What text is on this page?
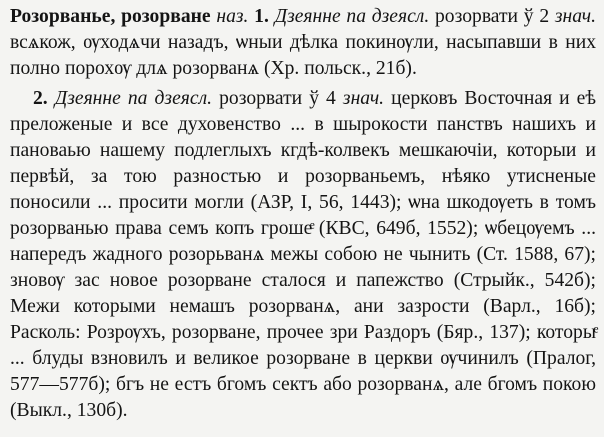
Розорванье, розорване наз. 1. Дзеянне па дзеясл. розорвати ў 2 знач. всѧкож, ѹходѧчи назадъ, ѡныи дѣлка покинѹли, насыпавши в них полно порохѹ длѧ розорванѧ (Хр. польск., 21б).

2. Дзеянне па дзеясл. розорвати ў 4 знач. церковъ Восточная и еѣ преложеные и все духовенство ... в шырокости панствъ нашихъ и пановаью нашему подлеглыхъ кгдѣ-колвекъ мешкаючіи, которыи и первѣй, за тою разностью и розорваньемъ, нѣяко утисненые поносили ... просити могли (АЗР, I, 56, 1443); ѡна шкодѹеть в томъ розорванью права семъ копъ грошеͤ (КВС, 649б, 1552); ѡбецѹемъ ... напередъ жадного розорьванѧ межы собою не чынить (Ст. 1588, 67); зновѹ зас новое розорване сталося и папежство (Стрыйк., 542б); Межи которыми немашъ розорванѧ, ани зазрости (Варл., 16б); Расколь: Розрѹхъ, розорване, прочее зри Раздоръ (Бяр., 137); которыͤ ... блуды взновилъ и великое розорване в церкви ѹчинилъ (Пралог, 577—577б); бгъ не естъ бгомъ сектъ або розорванѧ, але бгомъ покою (Выкл., 130б).
